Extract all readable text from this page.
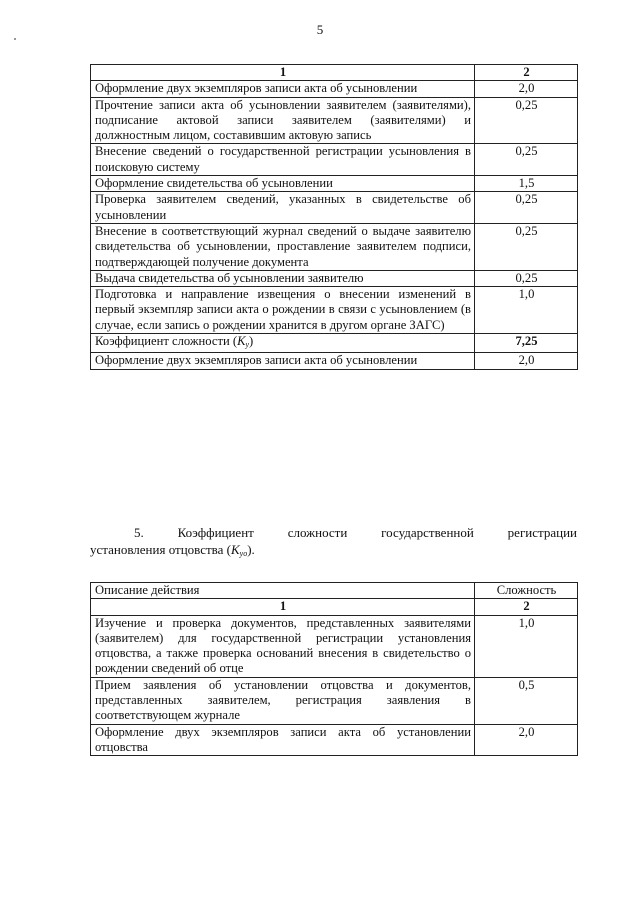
5
1	2
Оформление двух экземпляров записи акта об усыновлении	2,0
Прочтение записи акта об усыновлении заявителем (заявителями), подписание актовой записи заявителем (заявителями) и должностным лицом, составившим актовую запись	0,25
Внесение сведений о государственной регистрации усыновления в поисковую систему	0,25
Оформление свидетельства об усыновлении	1,5
Проверка заявителем сведений, указанных в свидетельстве об усыновлении	0,25
Внесение в соответствующий журнал сведений о выдаче заявителю свидетельства об усыновлении, проставление заявителем подписи, подтверждающей получение документа	0,25
Выдача свидетельства об усыновлении заявителю	0,25
Подготовка и направление извещения о внесении изменений в первый экземпляр записи акта о рождении в связи с усыновлением (в случае, если запись о рождении хранится в другом органе ЗАГС)	1,0
Коэффициент сложности $(К_у)$	7,25
Оформление двух экземпляров записи акта об усыновлении	2,0
5. Коэффициент сложности государственной регистрации
установления отцовства $(К_{уо})$.
Описание действия	Сложность
1	2
Изучение и проверка документов, представленных заявителями (заявителем) для государственной регистрации установления отцовства, а также проверка оснований внесения в свидетельство о рождении сведений об отце	1,0
Прием заявления об установлении отцовства и документов, представленных заявителем, регистрация заявления в соответствующем журнале	0,5
Оформление двух экземпляров записи акта об установлении отцовства	2,0
